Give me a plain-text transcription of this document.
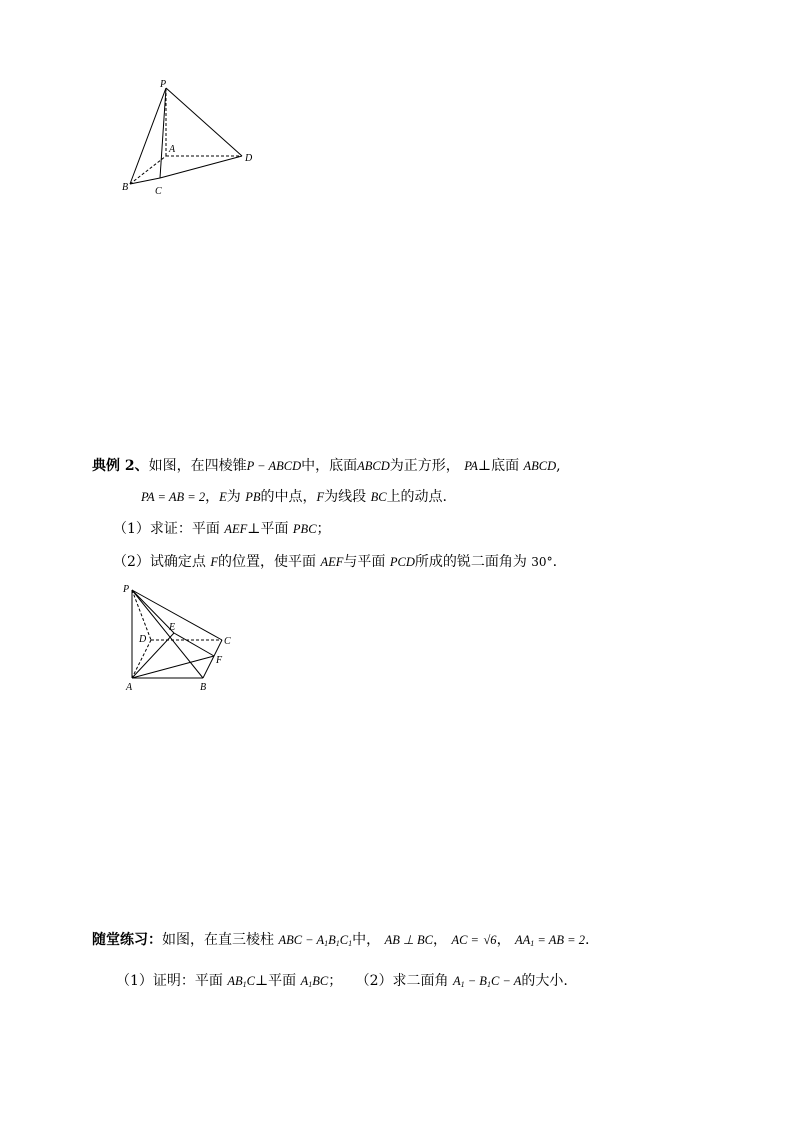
P
A
D
B	C
典例 2、如图，在四棱锥P − ABCD中，底面ABCD为正方形， PA⊥底面 ABCD,
PA = AB = 2，E为 PB的中点，F为线段 BC上的动点.
（1）求证：平面 AEF⊥平面 PBC；
（2）试确定点 F的位置，使平面 AEF与平面 PCD所成的锐二面角为 30°.
P
D
E
C
F
A	B
随堂练习：如图，在直三棱柱 ABC − $A_1B_1C_1$中， AB ⊥ BC， AC = √6， $AA_1$ = AB = 2.
（1）证明：平面 $AB_1C\perp$平面 $A_1BC$； （2）求二面角 $A_1 - B_1C - A$的大小.
